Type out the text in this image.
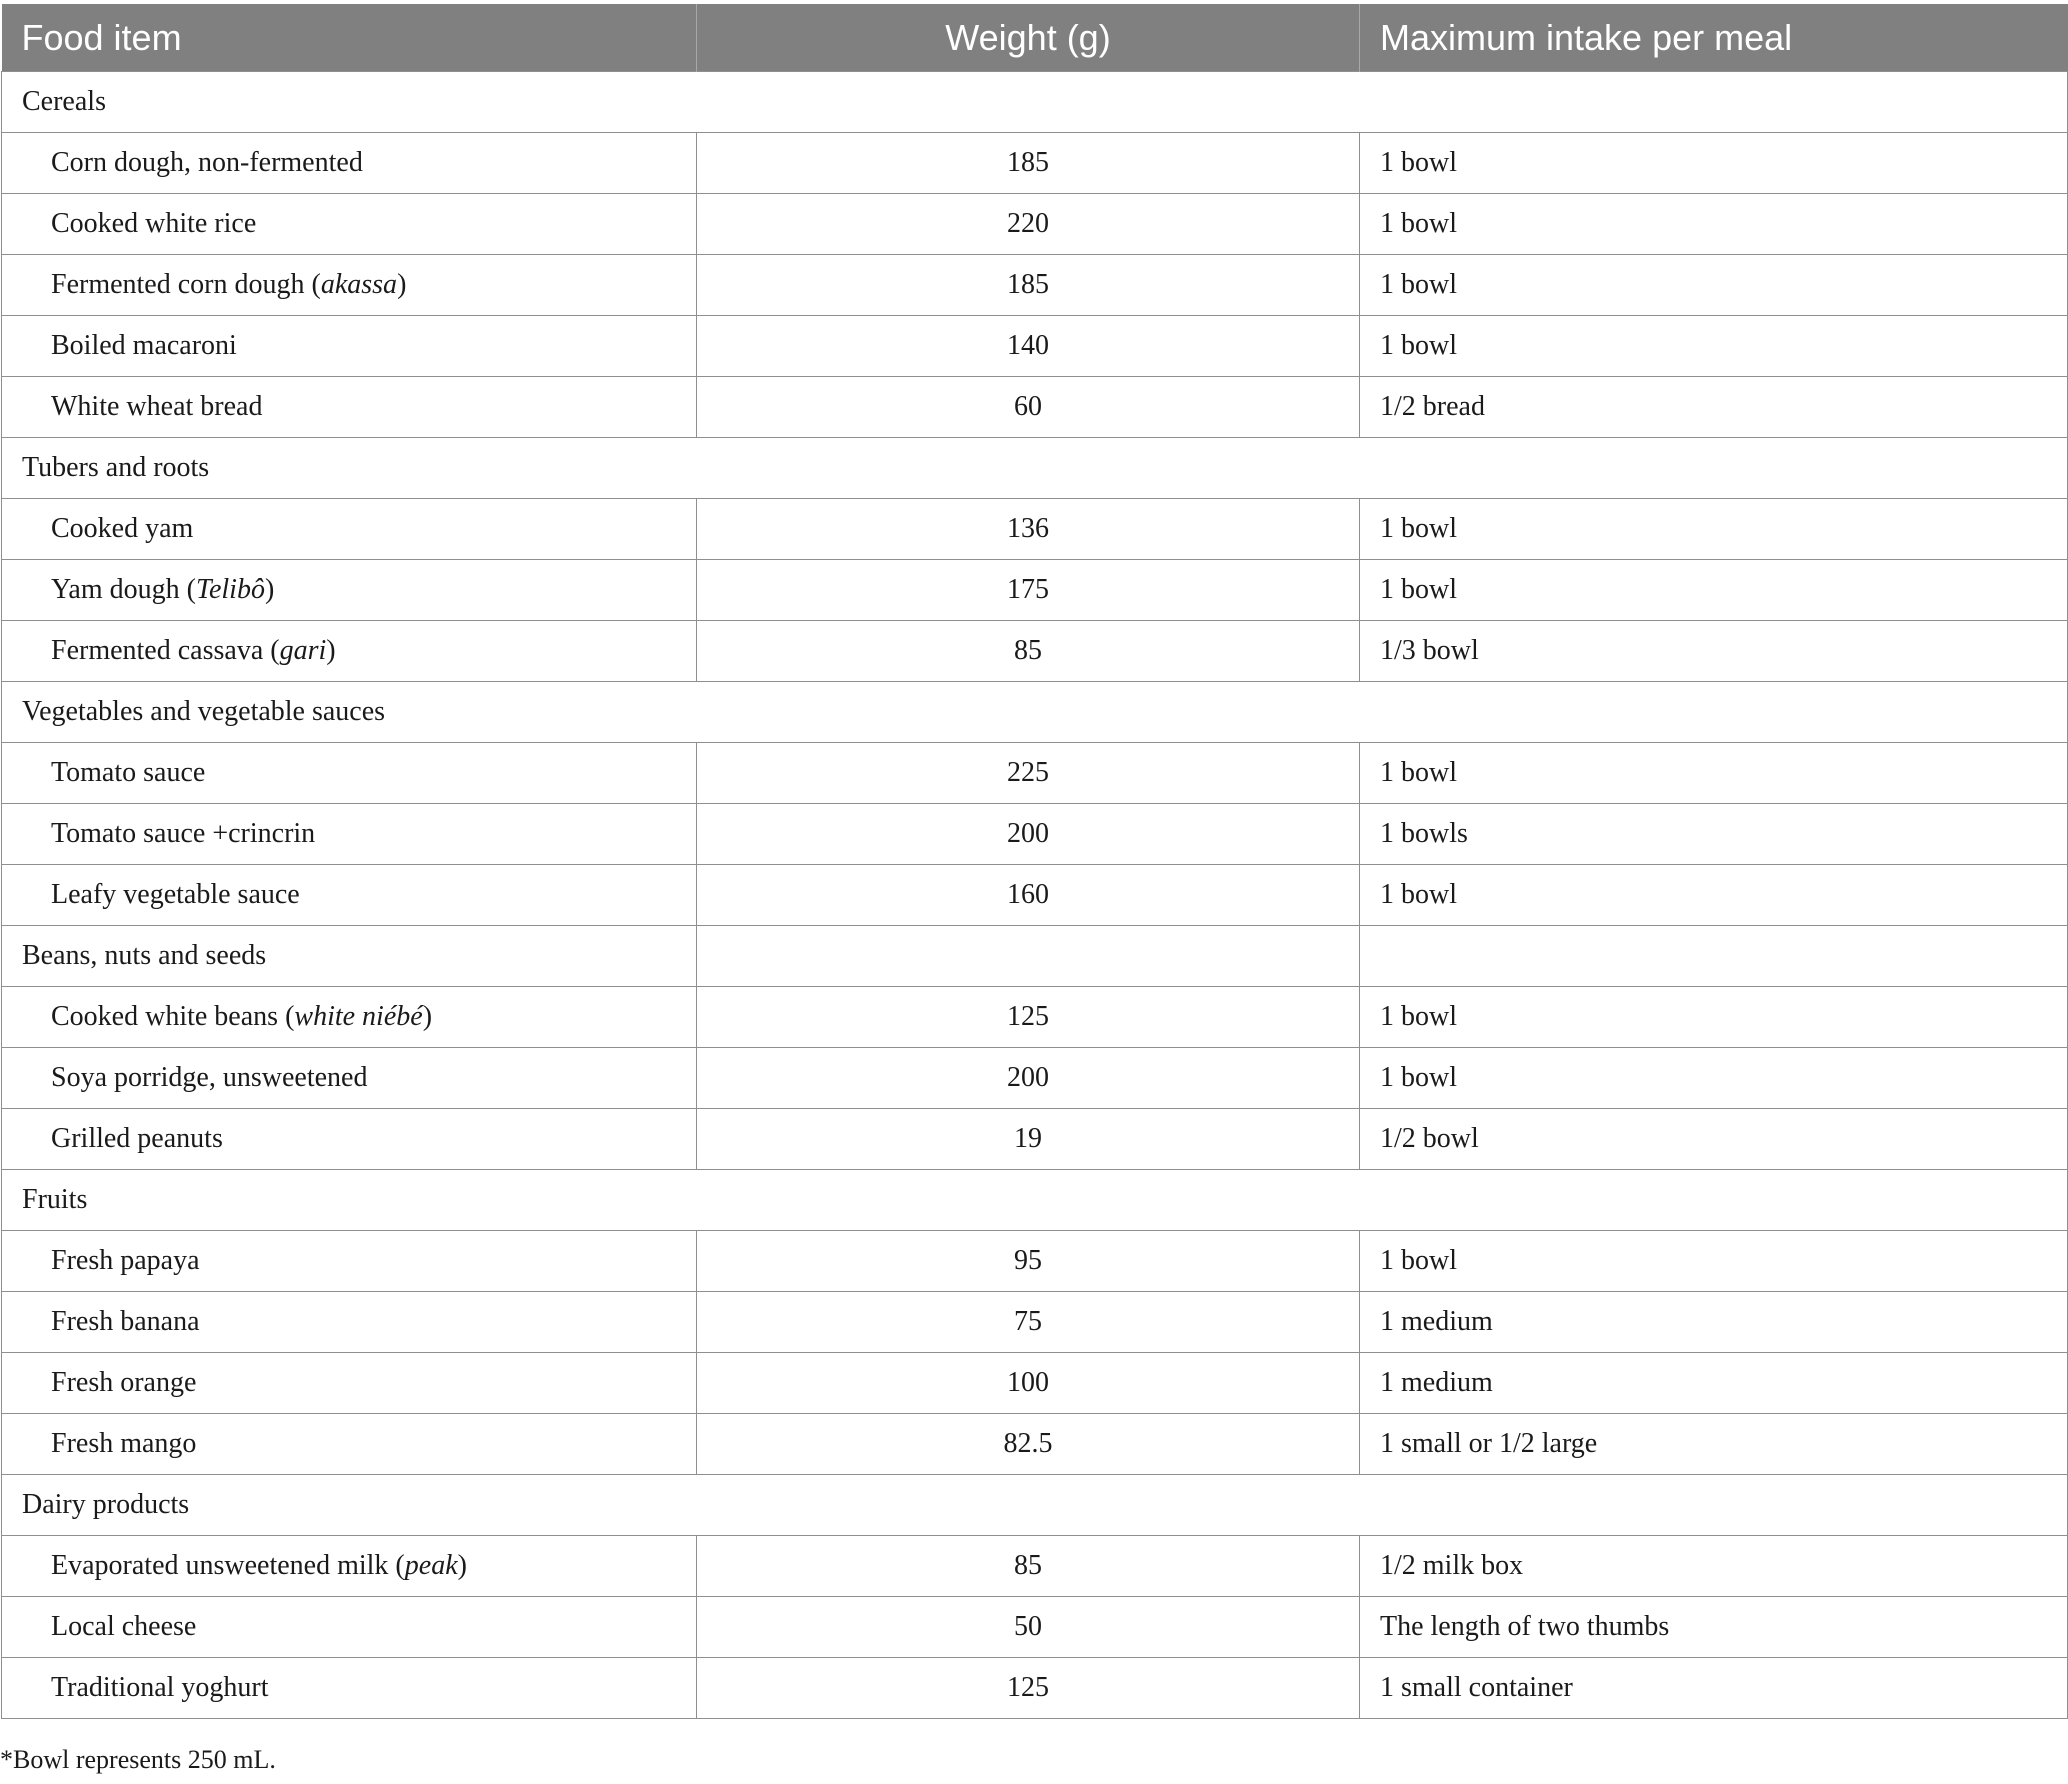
Food item	Weight (g)	Maximum intake per meal
Cereals		
Corn dough, non-fermented	185	1 bowl
Cooked white rice	220	1 bowl
Fermented corn dough (akassa)	185	1 bowl
Boiled macaroni	140	1 bowl
White wheat bread	60	1/2 bread
Tubers and roots		
Cooked yam	136	1 bowl
Yam dough (Telibô)	175	1 bowl
Fermented cassava (gari)	85	1/3 bowl
Vegetables and vegetable sauces		
Tomato sauce	225	1 bowl
Tomato sauce +crincrin	200	1 bowls
Leafy vegetable sauce	160	1 bowl
Beans, nuts and seeds		
Cooked white beans (white niébé)	125	1 bowl
Soya porridge, unsweetened	200	1 bowl
Grilled peanuts	19	1/2 bowl
Fruits		
Fresh papaya	95	1 bowl
Fresh banana	75	1 medium
Fresh orange	100	1 medium
Fresh mango	82.5	1 small or 1/2 large
Dairy products		
Evaporated unsweetened milk (peak)	85	1/2 milk box
Local cheese	50	The length of two thumbs
Traditional yoghurt	125	1 small container
*Bowl represents 250 mL.
